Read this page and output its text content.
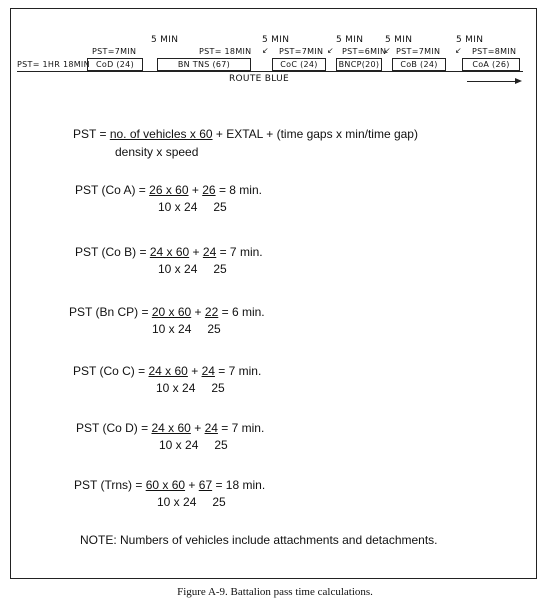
PST= 1HR 18MIN
5 MIN	5 MIN	5 MIN 5 MIN	5 MIN
↙	↙	↙	↙
PST=7MIN	PST= 18MIN	PST=7MIN PST=6MIN PST=7MIN	PST=8MIN
CoD (24)	BN TNS (67)	CoC (24)	BNCP(20)	CoB (24)	CoA (26)
ROUTE BLUE
PST = no. of vehicles x 60 + EXTAL + (time gaps x min/time gap)
density x speed
PST (Co A) = 26 x 60 + 26 = 8 min.
10 x 24 25
PST (Co B) = 24 x 60 + 24 = 7 min.
10 x 24 25
PST (Bn CP) = 20 x 60 + 22 = 6 min.
10 x 24 25
PST (Co C) = 24 x 60 + 24 = 7 min.
10 x 24 25
PST (Co D) = 24 x 60 + 24 = 7 min.
10 x 24 25
PST (Trns) = 60 x 60 + 67 = 18 min.
10 x 24 25
NOTE: Numbers of vehicles include attachments and detachments.
Figure A-9. Battalion pass time calculations.
